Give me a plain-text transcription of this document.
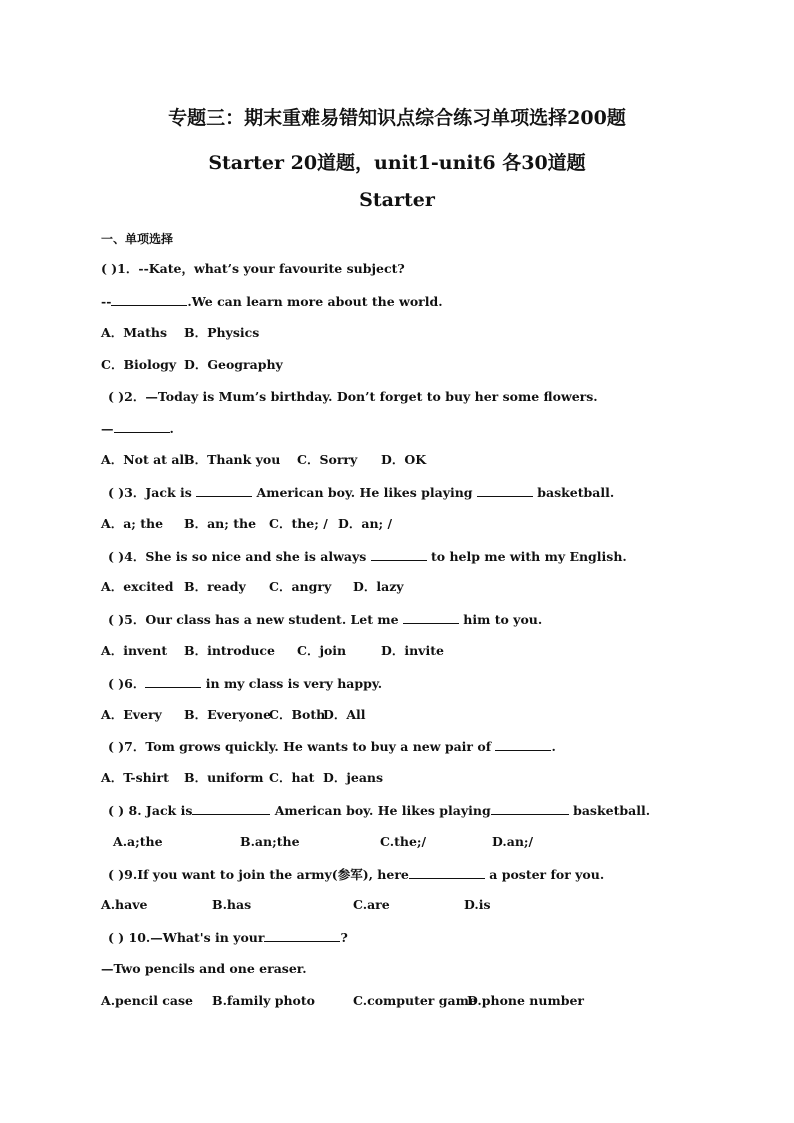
专题三：期末重难易错知识点综合练习单项选择200题
Starter 20道题，unit1-unit6 各30道题
Starter
一、单项选择
( )1．--Kate，what’s your favourite subject?
--	.We can learn more about the world.
A．Maths B．Physics
C．Biology D．Geography
( )2．—Today is Mum’s birthday. Don’t forget to buy her some flowers.
—	.
A．Not at allB．Thank you C．Sorry D．OK
( )3．Jack is	American boy. He likes playing	basketball.
A．a; the B．an; the C．the; / D．an; /
( )4．She is so nice and she is always	to help me with my English.
A．excited B．ready C．angry D．lazy
( )5．Our class has a new student. Let me	him to you.
A．invent B．introduce C．join	D．invite
( )6．	in my class is very happy.
A．Every B．EveryoneC．BothD．All
( )7．Tom grows quickly. He wants to buy a new pair of	.
A．T-shirt B．uniform C．hat D．jeans
( ) 8. Jack is	American boy. He likes playing	basketball.
A.a;the	B.an;the	C.the;/	D.an;/
( )9.If you want to join the army(参军), here	a poster for you.
A.have	B.has	C.are	D.is
( ) 10.—What's in your	?
—Two pencils and one eraser.
A.pencil case B.family photo	C.computer gameD.phone number
